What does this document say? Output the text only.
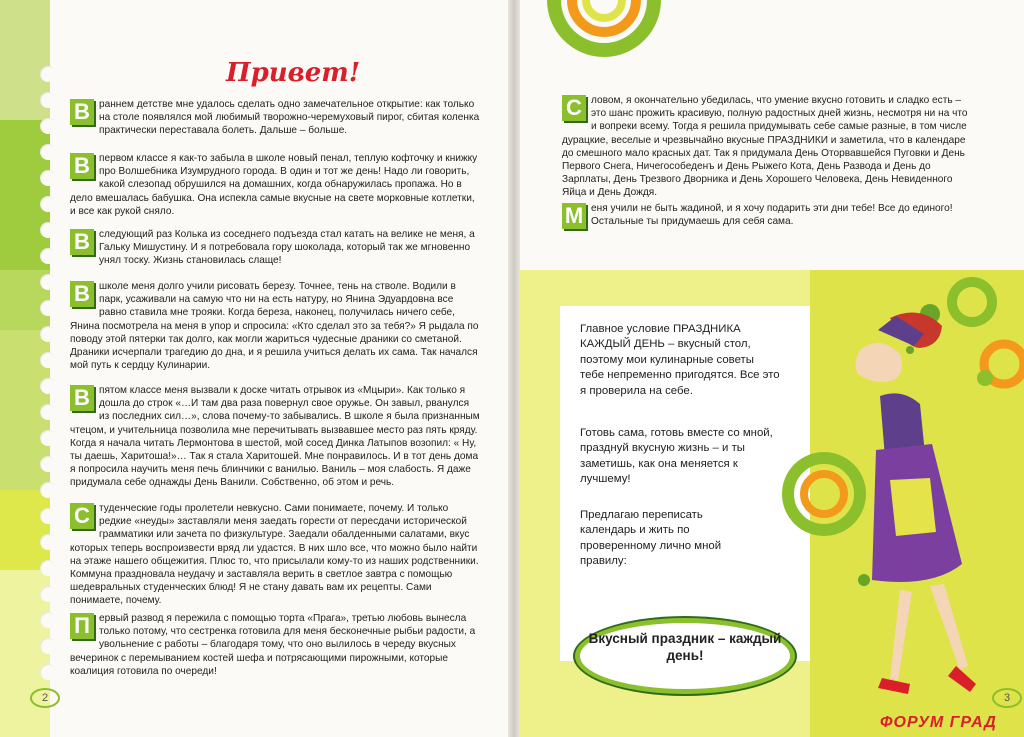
Привет!

В раннем детстве мне удалось сделать одно замечательное открытие: как только на столе появлялся мой любимый творожно-черемуховый пирог, сбитая коленка практически переставала болеть. Дальше – больше.

В первом классе я как-то забыла в школе новый пенал, теплую кофточку и книжку про Волшебника Изумрудного города. В один и тот же день! Надо ли говорить, какой слезопад обрушился на домашних, когда обнаружилась пропажа. Но в дело вмешалась бабушка. Она испекла самые вкусные на свете морковные котлетки, и все как рукой сняло.

В следующий раз Колька из соседнего подъезда стал катать на велике не меня, а Гальку Мишустину. И я потребовала гору шоколада, который так же мгновенно унял тоску. Жизнь становилась слаще!

В школе меня долго учили рисовать березу. Точнее, тень на стволе. Водили в парк, усаживали на самую что ни на есть натуру, но Янина Эдуардовна все равно ставила мне трояки. Когда береза, наконец, получилась ничего себе, Янина посмотрела на меня в упор и спросила: «Кто сделал это за тебя?» Я рыдала по поводу этой пятерки так долго, как могли жариться чудесные драники со сметаной. Драники исчерпали трагедию до дна, и я решила учиться делать их сама. Так начался мой путь к сердцу Кулинарии.

В пятом классе меня вызвали к доске читать отрывок из «Мцыри». Как только я дошла до строк «…И там два раза повернул свое оружье. Он завыл, рванулся из последних сил…», слова почему-то забывались. В школе я была признанным чтецом, и учительница позволила мне перечитывать вызвавшее место раз пять кряду. Когда я начала читать Лермонтова в шестой, мой сосед Динка Латыпов возопил: « Ну, ты даешь, Харитоша!»… Так я стала Харитошей. Мне понравилось. И в тот день дома я попросила научить меня печь блинчики с ванилью. Ваниль – моя слабость. Я даже придумала себе однажды День Ванили. Собственно, об этом и речь.

С туденческие годы пролетели невкусно. Сами понимаете, почему. И только редкие «неуды» заставляли меня заедать горести от пересдачи исторической грамматики или зачета по физкультуре. Заедали обалденными салатами, вкус которых теперь воспроизвести вряд ли удастся. В них шло все, что можно было найти на этаже нашего общежития. Плюс то, что присылали кому-то из наших родственники. Коммуна праздновала неудачу и заставляла верить в светлое завтра с помощью шедевральных студенческих блюд! Я не стану давать вам их рецепты. Сами понимаете, почему.

П ервый развод я пережила с помощью торта «Прага», третью любовь вынесла только потому, что сестренка готовила для меня бесконечные рыбьи радости, а увольнение с работы – благодаря тому, что оно вылилось в череду вкусных вечеринок с перемыванием костей шефа и потрясающими пирожными, которые коалиция готовила по очереди!

2

С ловом, я окончательно убедилась, что умение вкусно готовить и сладко есть – это шанс прожить красивую, полную радостных дней жизнь, несмотря ни на что и вопреки всему. Тогда я решила придумывать себе самые разные, в том числе дурацкие, веселые и чрезвычайно вкусные ПРАЗДНИКИ и заметила, что в календаре до смешного мало красных дат. Так я придумала День Оторвавшейся Пуговки и День Первого Снега, Ничегособеденъ и День Рыжего Кота, День Развода и День до Зарплаты, День Трезвого Дворника и День Хорошего Человека, День Невиденного Яйца и День Дождя.

М еня учили не быть жадиной, и я хочу подарить эти дни тебе! Все до единого! Остальные ты придумаешь для себя сама.

Главное условие ПРАЗДНИКА КАЖДЫЙ ДЕНЬ – вкусный стол, поэтому мои кулинарные советы тебе непременно пригодятся. Все это я проверила на себе.

Готовь сама, готовь вместе со мной, празднуй вкусную жизнь – и ты заметишь, как она меняется к лучшему!

Предлагаю переписать календарь и жить по проверенному лично мной правилу:

Вкусный праздник – каждый день!
3
ФОРУМ ГРАД
